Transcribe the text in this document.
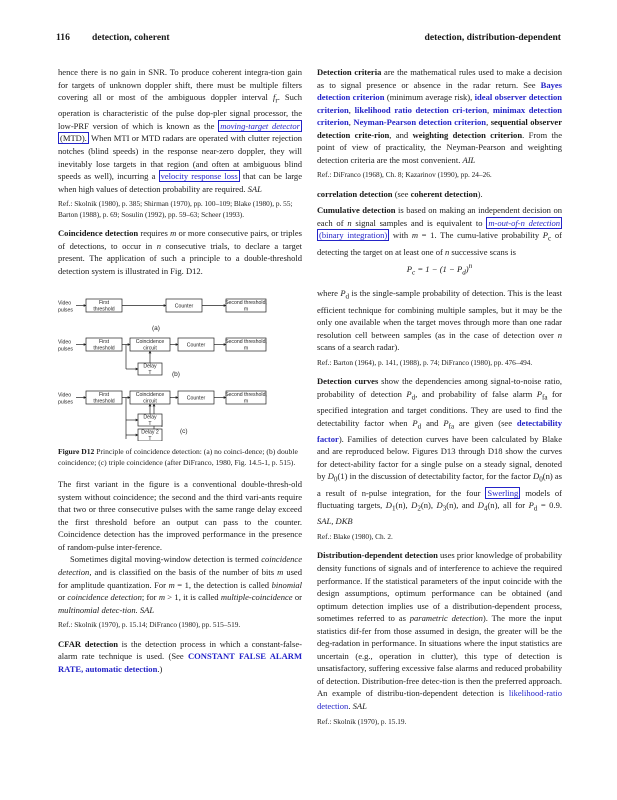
116 detection, coherent	detection, distribution-dependent

hence there is no gain in SNR. To produce coherent integra-tion gain for targets of unknown doppler shift, there must be multiple filters covering all or most of the ambiguous doppler interval $f_r$. Such operation is characteristic of the pulse dop-pler signal processor, the low-PRF version of which is known as the moving-target detector (MTD). When MTI or MTD radars are operated with clutter rejection notches (blind speeds) in the response near-zero doppler, they will inevitably lose targets in that region (and often at ambiguous blind speeds as well), incurring a velocity response loss that can be large when high values of detection probability are required. SAL

Ref.: Skolnik (1980), p. 385; Shirman (1970), pp. 100–109; Blake (1980), p. 55; Barton (1988), p. 69; Sosulin (1992), pp. 59–63; Scheer (1993).

Coincidence detection requires m or more consecutive pairs, or triples of detections, to occur in n consecutive trials, to declare a target present. The application of such a principle to a double-threshold detection system is illustrated in Fig. D12.

Video
pulses
First
threshold
Counter
Second threshold,
m
Video
pulses
First
threshold
Coincidence
circuit
Counter
Second threshold,
m
Video
pulses
First
threshold
Coincidence
circuit
Counter
Second threshold,
m
Delay
T
Delay
T
Delay 2
T
(a)
(b)
(c)

Figure D12 Principle of coincidence detection: (a) no coinci-dence; (b) double coincidence; (c) triple coincidence (after DiFranco, 1980, Fig. 14.5-1, p. 515).

The first variant in the figure is a conventional double-thresh-old system without coincidence; the second and the third vari-ants require that two or three consecutive pulses with the same range delay exceed the first threshold before an output can pass to the counter. Coincidence detection has the improved performance in the presence of random-pulse inter-ference.

Sometimes digital moving-window detection is termed coincidence detection, and is classified on the basis of the number of bits m used for amplitude quantization. For m = 1, the detection is called binomial or coincidence detection; for m > 1, it is called multiple-coincidence or multinomial detec-tion. SAL

Ref.: Skolnik (1970), p. 15.14; DiFranco (1980), pp. 515–519.

CFAR detection is the detection process in which a constant-false-alarm rate technique is used. (See CONSTANT FALSE ALARM RATE, automatic detection.)

Detection criteria are the mathematical rules used to make a decision as to signal presence or absence in the radar return. See Bayes detection criterion (minimum average risk), ideal observer detection criterion, likelihood ratio detection cri-terion, minimax detection criterion, Neyman-Pearson detection criterion, sequential observer detection crite-rion, and weighting detection criterion. From the point of view of practicality, the Neyman-Pearson and weighting detection criteria are the most convenient. AIL

Ref.: DiFranco (1968), Ch. 8; Kazarinov (1990), pp. 24–26.

correlation detection (see coherent detection).

Cumulative detection is based on making an independent decision on each of n signal samples and is equivalent to m-out-of-n detection (binary integration) with m = 1. The cumu-lative probability $P_c$ of detecting the target on at least one of n successive scans is

$P_c = 1 - (1 - P_d)^n$

where $P_d$ is the single-sample probability of detection. This is the least efficient technique for combining multiple samples, but it may be the only one available when the target moves through more than one radar resolution cell between samples (as in the case of detection over n scans of a search radar).

Ref.: Barton (1964), p. 141, (1988), p. 74; DiFranco (1980), pp. 476–494.

Detection curves show the dependencies among signal-to-noise ratio, probability of detection $P_d$, and probability of false alarm $P_{fa}$ for specified integration and target conditions. They are used to find the detectability factor when $P_d$ and $P_{fa}$ are given (see detectability factor). Families of detection curves have been calculated by Blake and are reproduced below. Figures D13 through D18 show the curves for detect-ability factor for a single pulse on a steady signal, denoted by $D_0(1)$ in the discussion of detectability factor, for the factor $D_0(n)$ as a result of n-pulse integration, for the four Swerling models of fluctuating targets, $D_1(n)$, $D_2(n)$, $D_3(n)$, and $D_4(n)$, all for $P_d = 0.9$. SAL, DKB

Ref.: Blake (1980), Ch. 2.

Distribution-dependent detection uses prior knowledge of probability density functions of signals and of interference to achieve the required performance. If the statistical parameters of the input coincide with the design assumptions, optimum performance can be obtained (and optimum detection implies use of a distribution-dependent process, sometimes referred to as parametric detection). The more the input statistics dif-fer from those assumed in design, the greater will be the deg-radation in performance. In situations where the input statistics are uncertain (e.g., operation in clutter), this type of detection is unsatisfactory, suffering excessive false alarms and reduced probability of detection. Distribution-free detec-tion is then the preferred approach. An example of distribu-tion-dependent detection is likelihood-ratio detection. SAL

Ref.: Skolnik (1970), p. 15.19.
